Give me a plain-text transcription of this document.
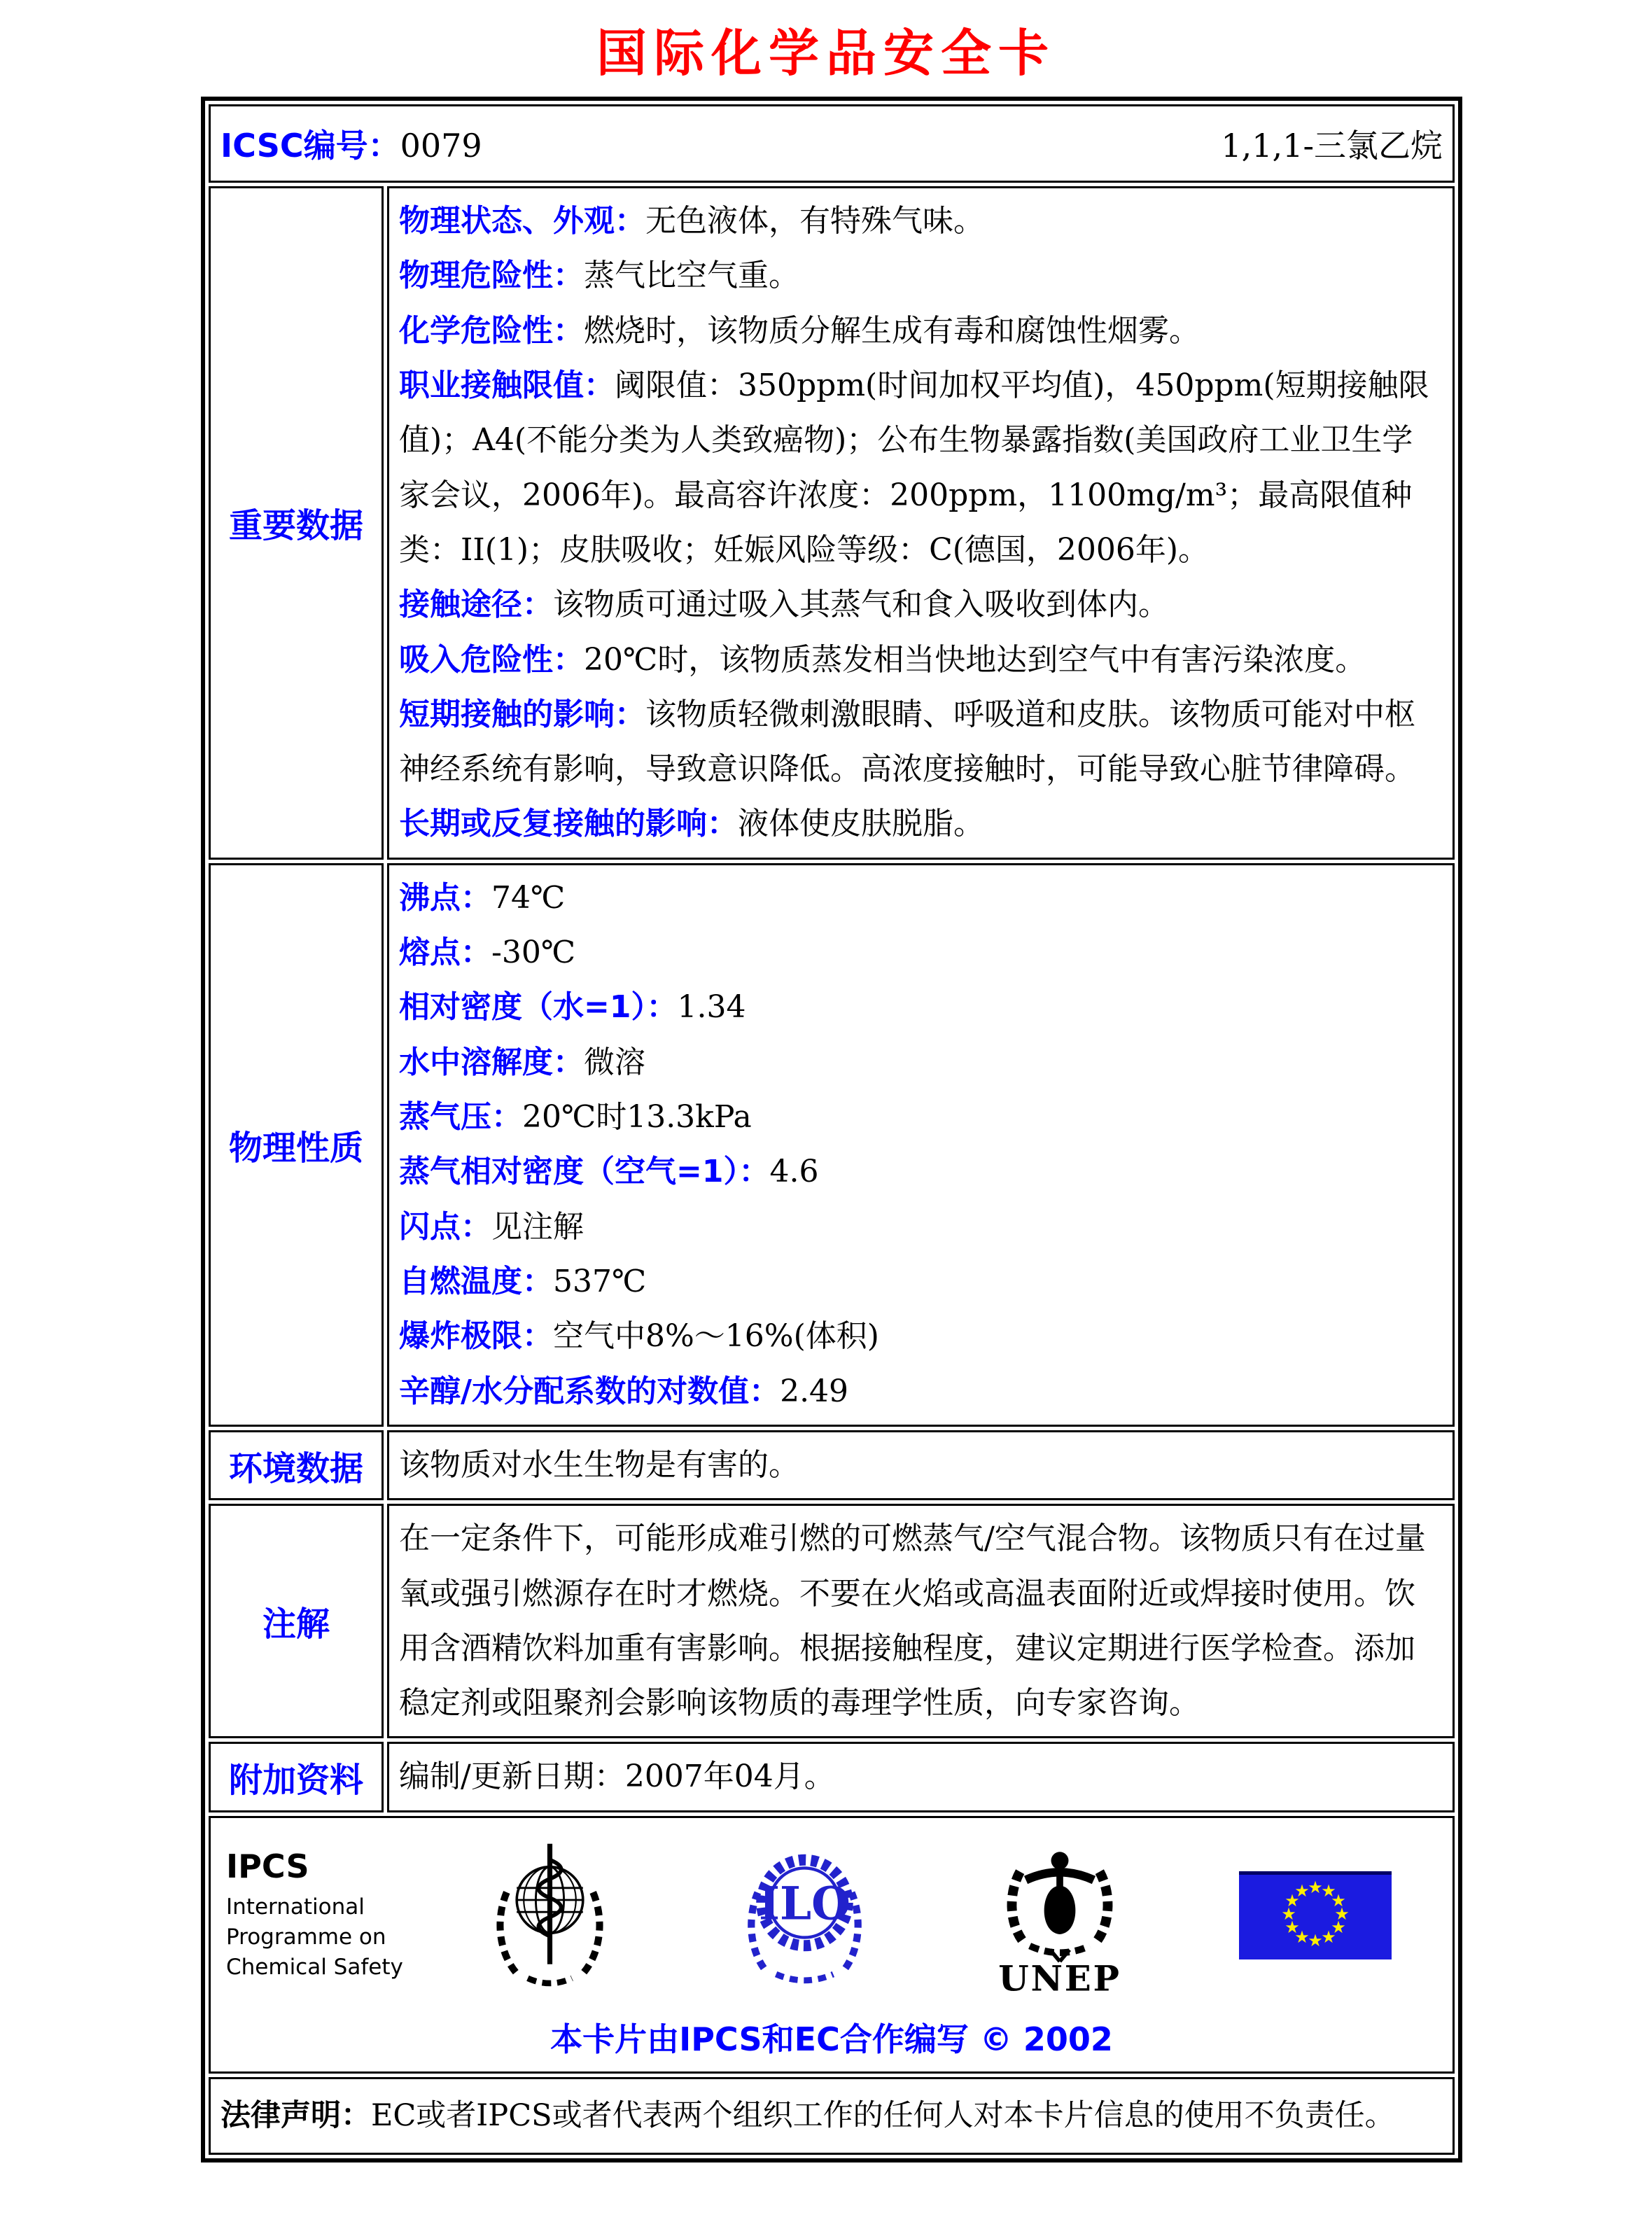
国际化学品安全卡
ICSC编号：0079	1,1,1-三氯乙烷
重要数据

物理状态、外观：无色液体，有特殊气味。

物理危险性：蒸气比空气重。

化学危险性：燃烧时，该物质分解生成有毒和腐蚀性烟雾。

职业接触限值：阈限值：350ppm(时间加权平均值)，450ppm(短期接触限值)；A4(不能分类为人类致癌物)；公布生物暴露指数(美国政府工业卫生学家会议，2006年)。最高容许浓度：200ppm，1100mg/m³；最高限值种类：II(1)；皮肤吸收；妊娠风险等级：C(德国，2006年)。

接触途径：该物质可通过吸入其蒸气和食入吸收到体内。

吸入危险性：20℃时，该物质蒸发相当快地达到空气中有害污染浓度。

短期接触的影响：该物质轻微刺激眼睛、呼吸道和皮肤。该物质可能对中枢神经系统有影响，导致意识降低。高浓度接触时，可能导致心脏节律障碍。

长期或反复接触的影响：液体使皮肤脱脂。

物理性质

沸点：74℃

熔点：-30℃

相对密度（水=1）：1.34

水中溶解度：微溶

蒸气压：20℃时13.3kPa

蒸气相对密度（空气=1）：4.6

闪点：见注解

自燃温度：537℃

爆炸极限：空气中8%～16%(体积)

辛醇/水分配系数的对数值：2.49

环境数据 该物质对水生生物是有害的。

注解

在一定条件下，可能形成难引燃的可燃蒸气/空气混合物。该物质只有在过量氧或强引燃源存在时才燃烧。不要在火焰或高温表面附近或焊接时使用。饮用含酒精饮料加重有害影响。根据接触程度，建议定期进行医学检查。添加稳定剂或阻聚剂会影响该物质的毒理学性质，向专家咨询。

附加资料 编制/更新日期：2007年04月。

IPCS
International
Programme on
Chemical Safety
ILO
UNEP
★
★
★
★
★
★
★
★
★
★
★
★
本卡片由IPCS和EC合作编写 © 2002
法律声明：EC或者IPCS或者代表两个组织工作的任何人对本卡片信息的使用不负责任。
